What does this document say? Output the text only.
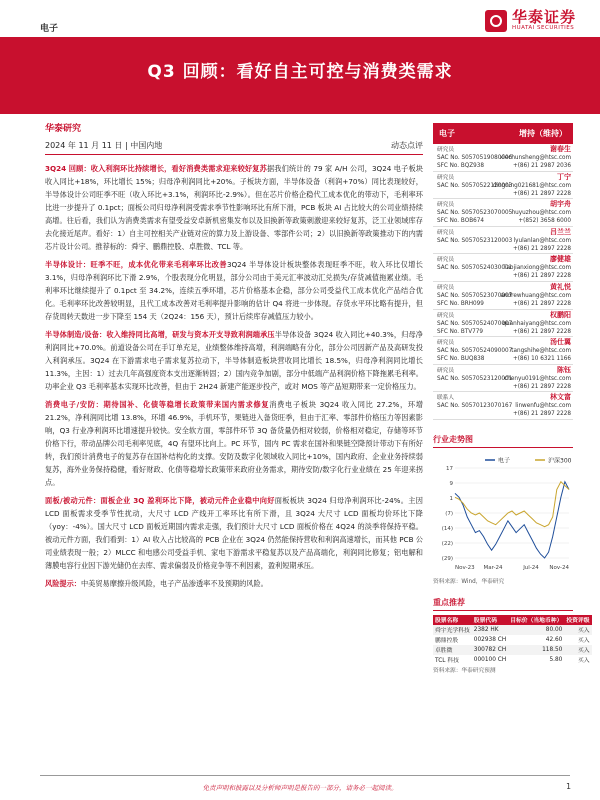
电子
华泰证券
HUATAI SECURITIES
Q3 回顾：看好自主可控与消费类需求
华泰研究
2024 年 11 月 11 日 | 中国内地	动态点评
3Q24 回顾：收入利润环比持续增长，看好消费类需求迎来较好复苏据我们统计的 79 家 A/H 公司，3Q24 电子板块收入同比+18%，环比增长 15%；归母净利润同比+20%。子板块方面，半导体设备（利润+70%）同比表现较好，半导体设计公司旺季不旺（收入环比+3.1%，利润环比-2.9%）。但在芯片价格企稳代工成本优化的带动下，毛利率环比进一步提升了 0.1pct；面板公司归母净利润受需求季节性影响环比有所下滑，PCB 板块 AI 占比较大的公司业绩持续高增。往后看，我们认为消费类需求有望受益安卓新机密集发布以及旧换新等政策刺激迎来较好复苏，泛工业领域库存去化接近尾声。看好：1）自主可控相关产业链对应的算力及上游设备、零部件公司；2）以旧换新等政策推动下的内需芯片设计公司。推荐标的：舜宇、鹏鼎控股、卓胜微、TCL 等。
半导体设计：旺季不旺，成本优化带来毛利率环比改善3Q24 半导体设计板块整体表现旺季不旺，收入环比仅增长 3.1%，归母净利润环比下滑 2.9%，个股表现分化明显，部分公司由于美元汇率波动汇兑损失/存货减值拖累业绩。毛利率环比继续提升了 0.1pct 至 34.2%，连续五季环增，芯片价格基本企稳，部分公司受益代工成本优化产品结合优化。毛利率环比改善较明显，且代工成本改善对毛利率提升影响的估计 Q4 将进一步体现。存货水平环比略有提升，但存货周转天数进一步下降至 154 天（2Q24：156 天），预计后续库存减值压力较小。
半导体制造/设备：收入维持同比高增，研发与资本开支导致利润端承压半导体设备 3Q24 收入同比+40.3%，归母净利润同比+70.0%。前道设备公司在手订单充足，业绩整体维持高增，利润端略有分化，部分公司因新产品及高研发投入利润承压。3Q24 在下游需求电子需求复苏拉动下，半导体制造板块营收同比增长 18.5%，归母净利润同比增长 11.3%，主因：1）过去几年高强度资本支出逐渐转固；2）国内竞争加剧，部分中低端产品利润价格下降拖累毛利率。功率企业 Q3 毛利率基本实现环比改善，但由于 2H24 新建产能逐步投产，或对 MOS 等产品短期带来一定价格压力。
消费电子/安防：期待国补、化债等稳增长政策带来国内需求修复消费电子板块 3Q24 收入同比 27.2%，环增 21.2%，净利润同比增 13.8%，环增 46.9%，手机环节，果链进入备货旺季，但由于汇率、零部件价格压力等因素影响，Q3 行业净利润环比增速提升较快。安全软方面，零部件环节 3Q 备货量仍相对较弱，价格相对稳定，存储等环节价格下行，带动品牌公司毛利率见底，4Q 有望环比向上。PC 环节，国内 PC 需求在国补和果链空降预计带动下有所好转，我们预计消费电子的复苏存在国补结构化的支撑。安防及数字化领域收入同比+10%，国内政府、企业业务持续弱复苏，海外业务保持稳健，看好财政、化债等稳增长政策带来政府业务需求，期待安防/数字化行业业绩在 25 年迎来拐点。
面板/被动元件：面板企业 3Q 盈利环比下降，被动元件企业稳中向好面板板块 3Q24 归母净利润环比-24%。主因 LCD 面板需求受季节性扰动，大尺寸 LCD 产线开工率环比有所下滑，且 3Q24 大尺寸 LCD 面板均价环比下降（yoy：-4%）。国大尺寸 LCD 面板近期国内需求走强，我们预计大尺寸 LCD 面板价格在 4Q24 的淡季将保持平稳。被动元件方面，我们看到：1）AI 收入占比较高的 PCB 企业在 3Q24 仍然能保持营收和利润高速增长，而其他 PCB 公司业绩表现一般；2）MLCC 和电感公司受益手机、家电下游需求平稳复苏以及产品高端化，利润同比修复；铝电解和薄膜电容行业因下游光储仍在去库、需求偏弱及价格竞争等不利因素，盈利短期承压。
风险提示：中美贸易摩擦升级风险，电子产品渗透率不及预期的风险。
电子	增持（维持）
研究员	谢春生
SAC No. S0570519080006
SFC No. BQZ938
xiechunsheng@htsc.com
+(86) 21 2987 2036
研究员	丁宁
SAC No. S0570522120003
dingning021681@htsc.com
+(86) 21 2897 2228
研究员	胡宇舟
SAC No. S0570523070005
SFC No. BOB674
huyuzhou@htsc.com
+(852) 3658 6000
研究员	吕兰兰
SAC No. S0570523120003 lyulanlan@htsc.com
+(86) 21 2897 2228
研究员	廖健雄
SAC No. S0570524030001
liaojianxiong@htsc.com
+(86) 21 2897 2228
研究员	黄礼悦
SAC No. S0570523070007
SFC No. BRH099
andrewhuang@htsc.com
+(86) 21 2897 2228
研究员	权鹏阳
SAC No. S0570524070007
SFC No. BTV779
quanhaiyang@htsc.com
+(86) 21 2897 2228
研究员	汤仕翼
SAC No. S0570524090007
SFC No. BUQ838
tangshihe@htsc.com
+(86) 10 6321 1166
研究员	陈钰
SAC No. S0570523120001
chenyu0191@htsc.com
+(86) 21 2897 2228
联系人	林文富
SAC No. S0570123070167 linwenfu@htsc.com
+(86) 21 2897 2228
行业走势图
电子	沪深300
17
9
1
(7)
(14)
(22)
(29)
Nov-23 Mar-24	Jul-24 Nov-24
资料来源：Wind，华泰研究
重点推荐
股票名称	股票代码	目标价（当地币种）	投资评级
舜宇光学科技	2382 HK	80.00	买入
鹏鼎控股	002938 CH	42.60	买入
卓胜微	300782 CH	118.50	买入
TCL 科技	000100 CH	5.80	买入
资料来源：华泰研究预测
免责声明和披露以及分析师声明是报告的一部分，请务必一起阅读。	1
